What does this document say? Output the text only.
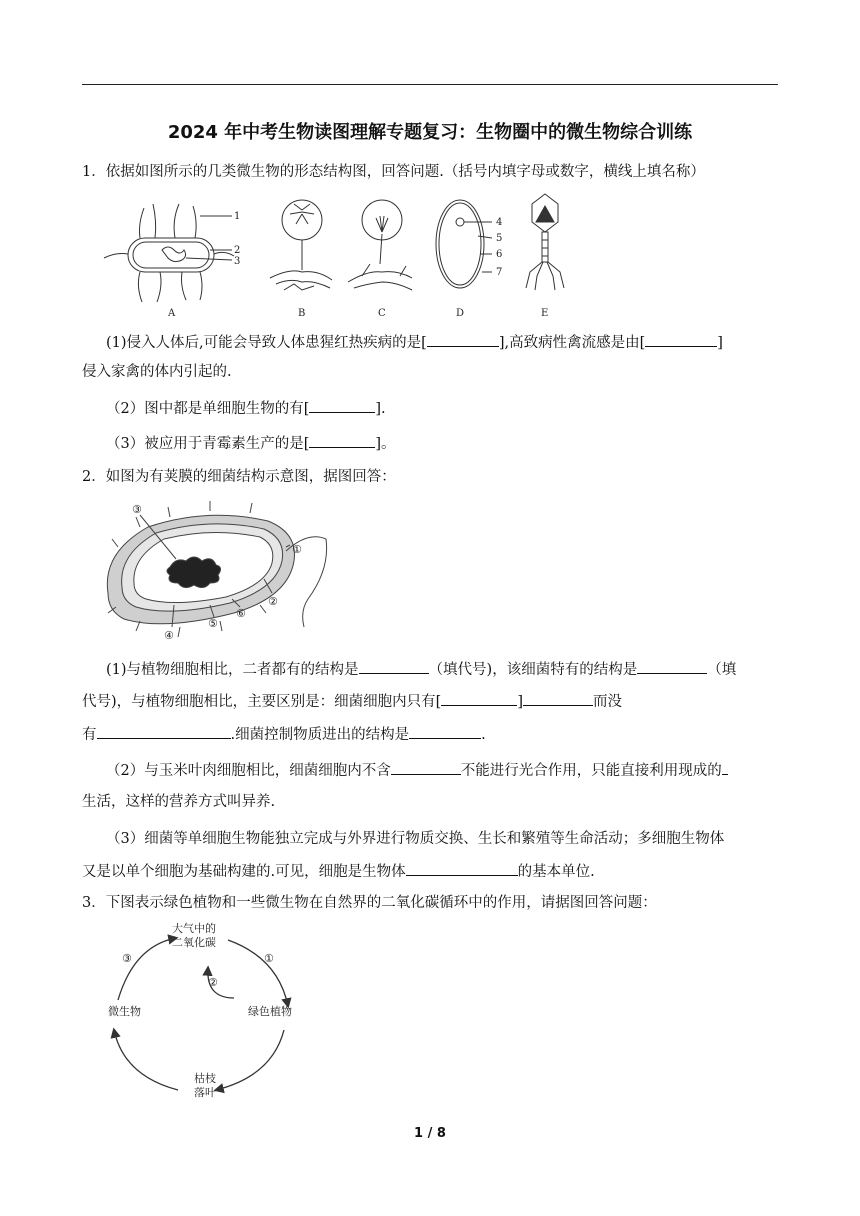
2024 年中考生物读图理解专题复习：生物圈中的微生物综合训练
1．依据如图所示的几类微生物的形态结构图，回答问题.（括号内填字母或数字，横线上填名称）
1
2
3
A	B	C
4
5
6
7
D	E
(1)侵入人体后,可能会导致人体患猩红热疾病的是[	],高致病性禽流感是由[	]
侵入家禽的体内引起的.
（2）图中都是单细胞生物的有[	].
（3）被应用于青霉素生产的是[	]。
2．如图为有荚膜的细菌结构示意图，据图回答：
③
①
②
④
⑤
⑥
(1)与植物细胞相比，二者都有的结构是	（填代号)，该细菌特有的结构是	（填
代号)，与植物细胞相比，主要区别是：细菌细胞内只有[	]	而没
有	.细菌控制物质进出的结构是	.
（2）与玉米叶肉细胞相比，细菌细胞内不含	不能进行光合作用，只能直接利用现成的
生活，这样的营养方式叫异养.
（3）细菌等单细胞生物能独立完成与外界进行物质交换、生长和繁殖等生命活动；多细胞生物体
又是以单个细胞为基础构建的.可见，细胞是生物体	的基本单位.
3．下图表示绿色植物和一些微生物在自然界的二氧化碳循环中的作用，请据图回答问题：
大气中的
二氧化碳
微生物	绿色植物
枯枝
落叶
③
②
①
1 / 8
